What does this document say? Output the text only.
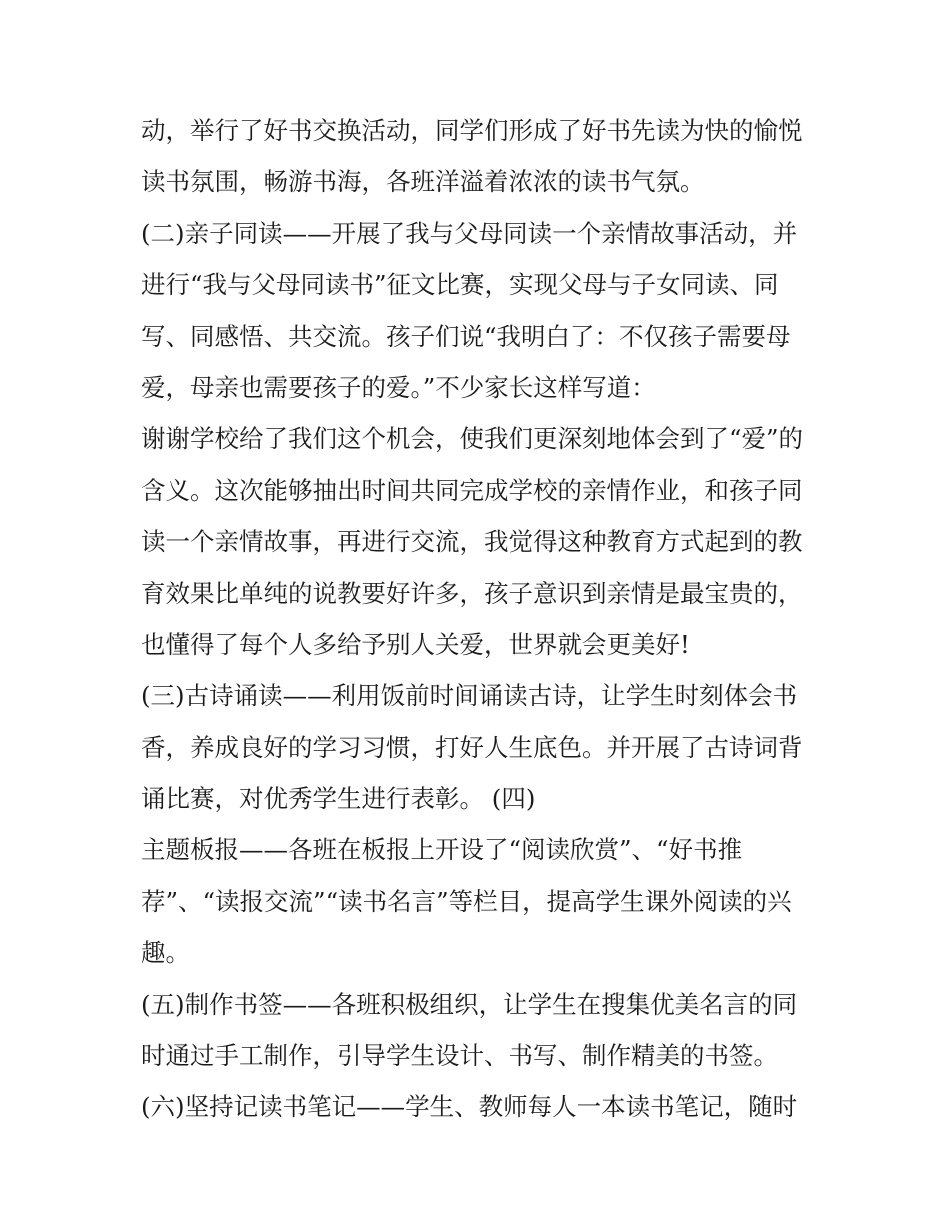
动，举行了好书交换活动，同学们形成了好书先读为快的愉悦
读书氛围，畅游书海，各班洋溢着浓浓的读书气氛。
(二)亲子同读——开展了我与父母同读一个亲情故事活动，并
进行“我与父母同读书”征文比赛，实现父母与子女同读、同
写、同感悟、共交流。孩子们说“我明白了：不仅孩子需要母
爱，母亲也需要孩子的爱。”不少家长这样写道：
谢谢学校给了我们这个机会，使我们更深刻地体会到了“爱”的
含义。这次能够抽出时间共同完成学校的亲情作业，和孩子同
读一个亲情故事，再进行交流，我觉得这种教育方式起到的教
育效果比单纯的说教要好许多，孩子意识到亲情是最宝贵的，
也懂得了每个人多给予别人关爱，世界就会更美好!
(三)古诗诵读——利用饭前时间诵读古诗，让学生时刻体会书
香，养成良好的学习习惯，打好人生底色。并开展了古诗词背
诵比赛，对优秀学生进行表彰。 (四)
主题板报——各班在板报上开设了“阅读欣赏”、“好书推
荐”、“读报交流”“读书名言”等栏目，提高学生课外阅读的兴
趣。
(五)制作书签——各班积极组织，让学生在搜集优美名言的同
时通过手工制作，引导学生设计、书写、制作精美的书签。
(六)坚持记读书笔记——学生、教师每人一本读书笔记，随时
